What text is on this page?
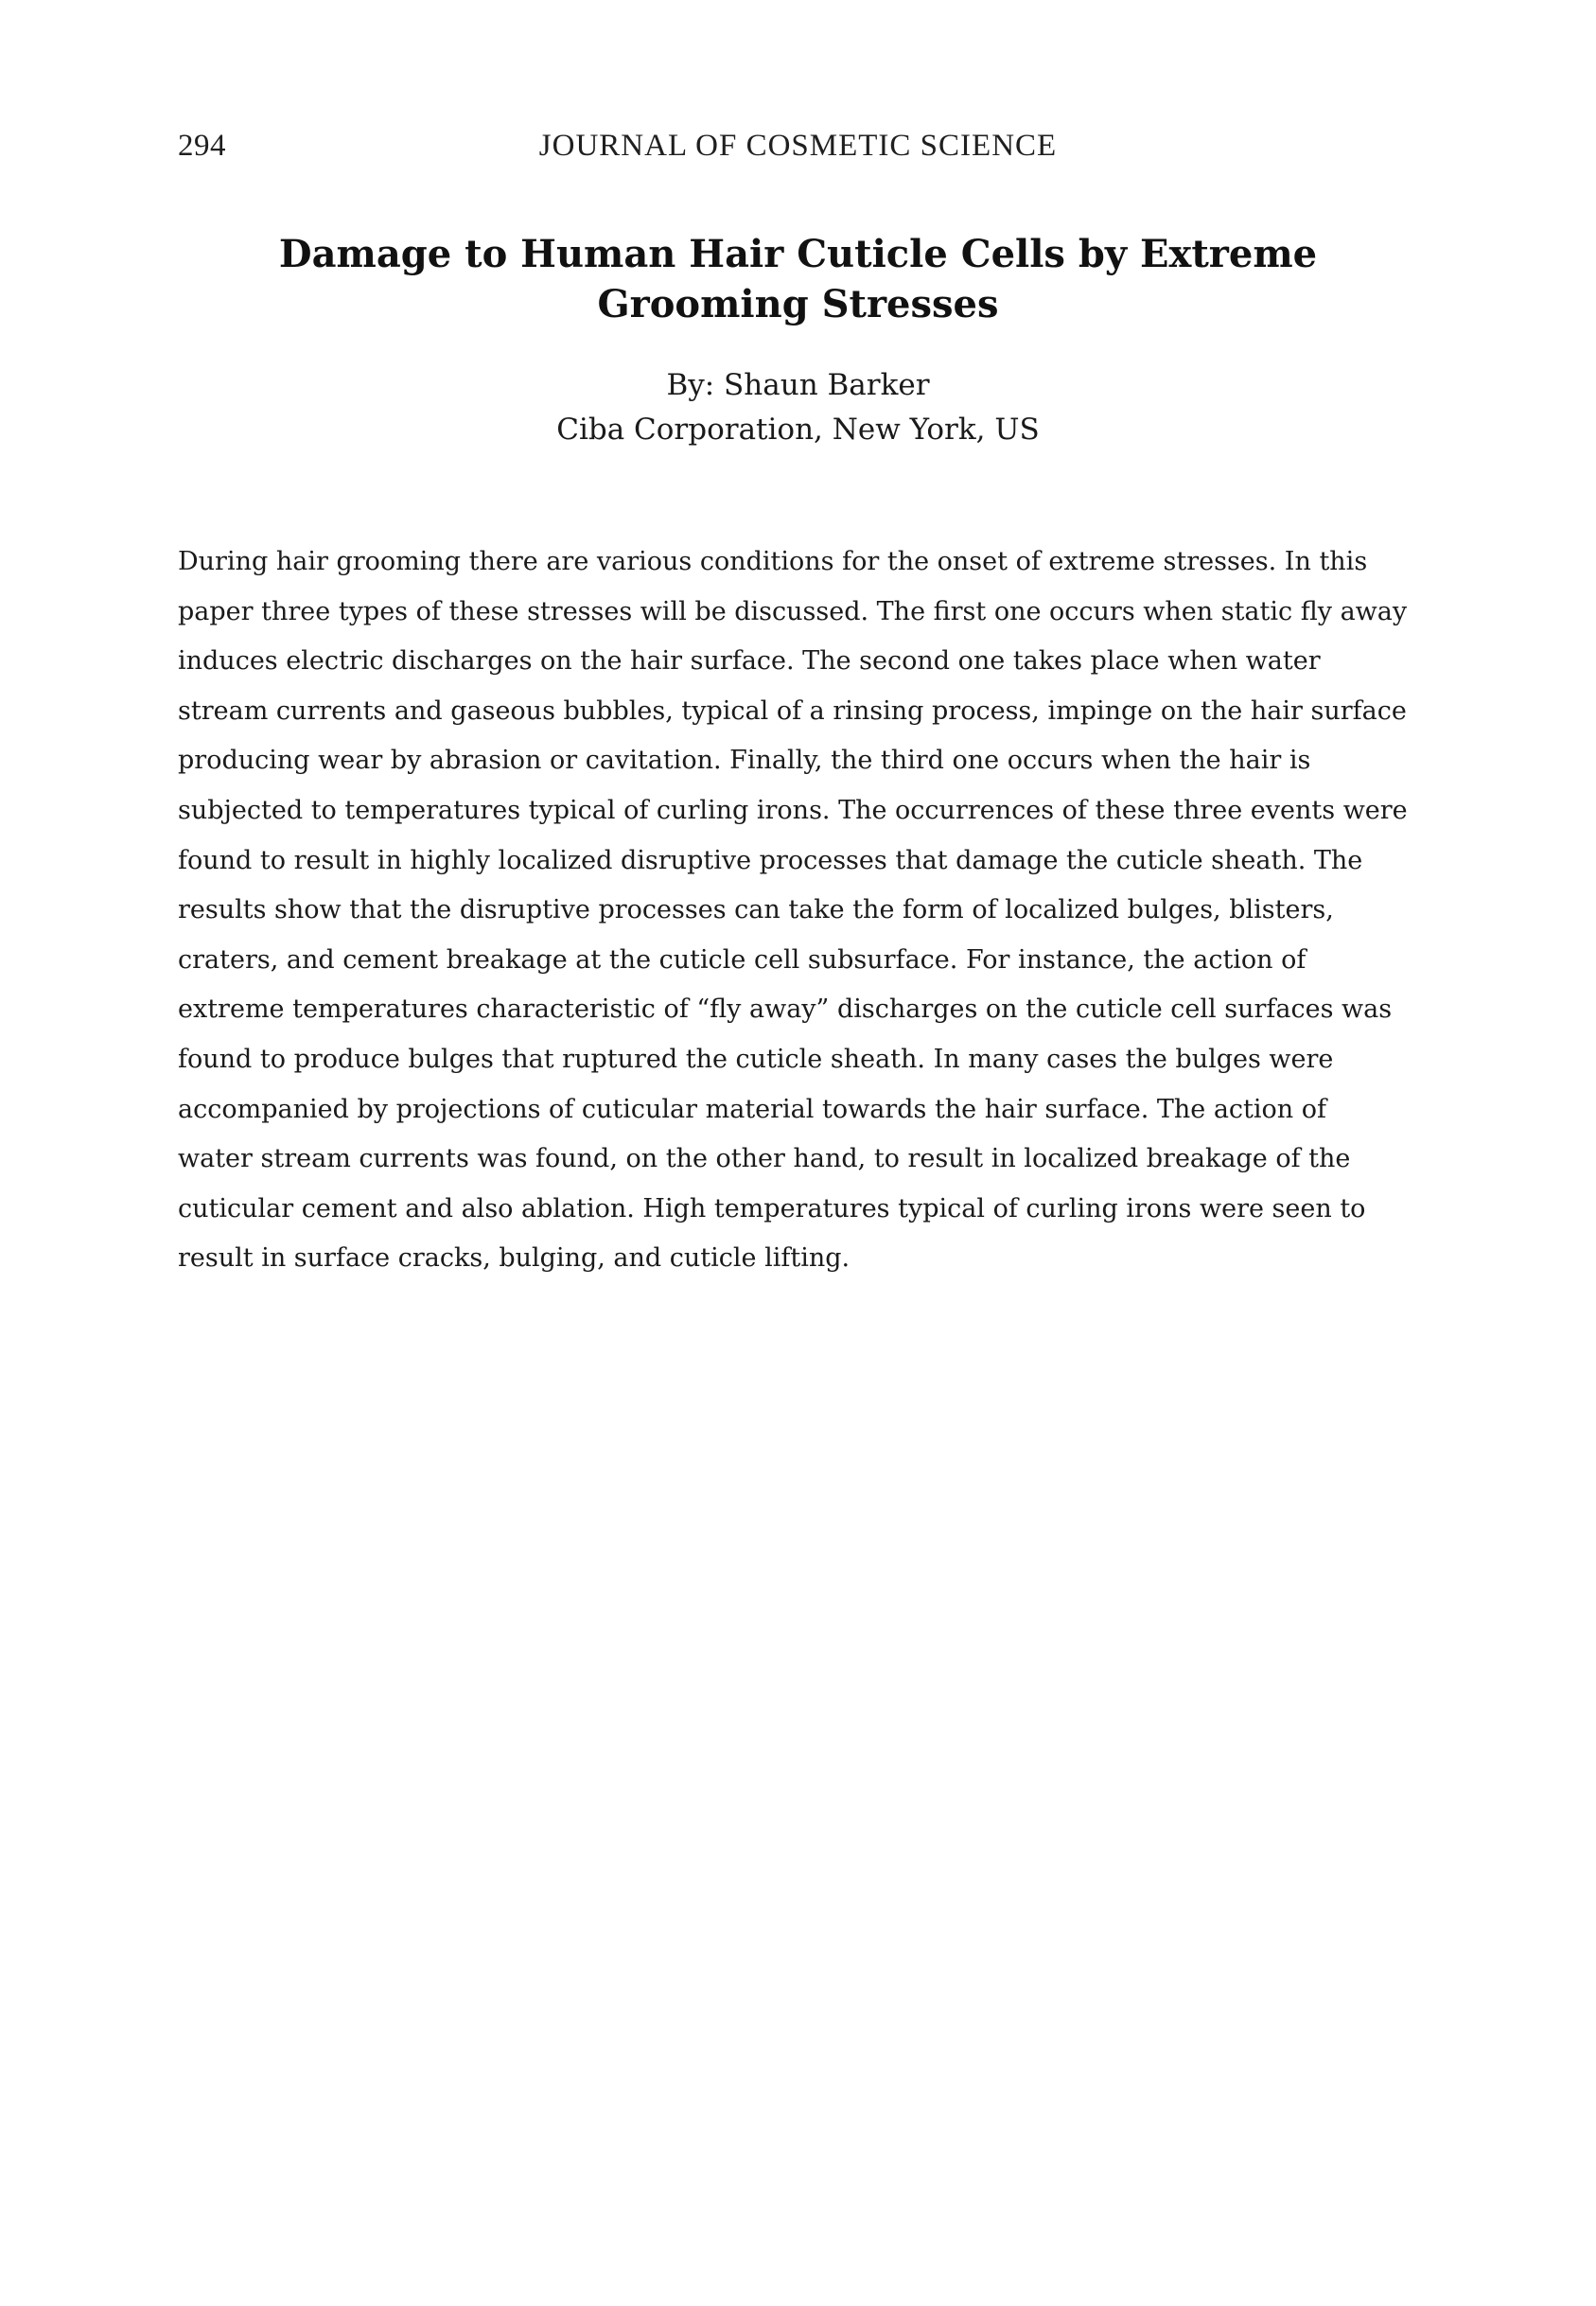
294	JOURNAL OF COSMETIC SCIENCE
Damage to Human Hair Cuticle Cells by Extreme
Grooming Stresses
By: Shaun Barker
Ciba Corporation, New York, US

During hair grooming there are various conditions for the onset of extreme stresses. In this paper three types of these stresses will be discussed. The first one occurs when static fly away induces electric discharges on the hair surface. The second one takes place when water stream currents and gaseous bubbles, typical of a rinsing process, impinge on the hair surface producing wear by abrasion or cavitation. Finally, the third one occurs when the hair is subjected to temperatures typical of curling irons. The occurrences of these three events were found to result in highly localized disruptive processes that damage the cuticle sheath. The results show that the disruptive processes can take the form of localized bulges, blisters, craters, and cement breakage at the cuticle cell subsurface. For instance, the action of extreme temperatures characteristic of “fly away” discharges on the cuticle cell surfaces was found to produce bulges that ruptured the cuticle sheath. In many cases the bulges were accompanied by projections of cuticular material towards the hair surface. The action of water stream currents was found, on the other hand, to result in localized breakage of the cuticular cement and also ablation. High temperatures typical of curling irons were seen to result in surface cracks, bulging, and cuticle lifting.
